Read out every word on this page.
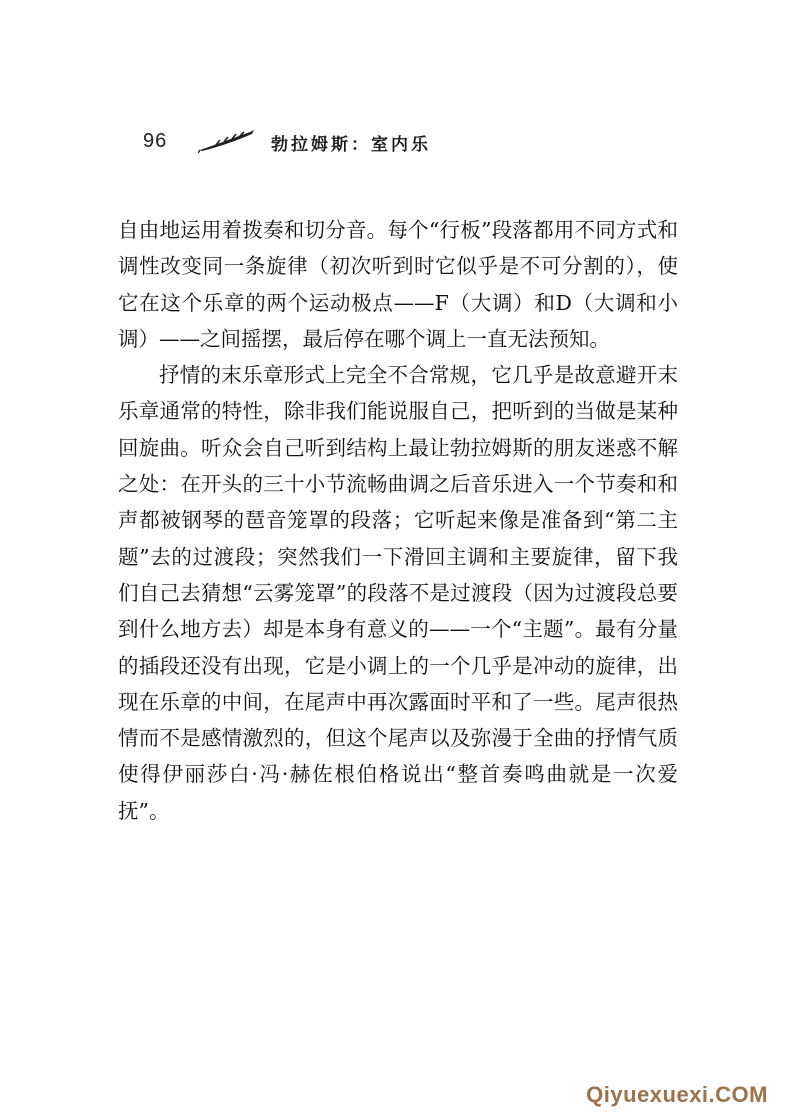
96	勃拉姆斯：室内乐

自由地运用着拨奏和切分音。每个“行板”段落都用不同方式和调性改变同一条旋律（初次听到时它似乎是不可分割的），使它在这个乐章的两个运动极点——F（大调）和D（大调和小调）——之间摇摆，最后停在哪个调上一直无法预知。

抒情的末乐章形式上完全不合常规，它几乎是故意避开末乐章通常的特性，除非我们能说服自己，把听到的当做是某种回旋曲。听众会自己听到结构上最让勃拉姆斯的朋友迷惑不解之处：在开头的三十小节流畅曲调之后音乐进入一个节奏和和声都被钢琴的琶音笼罩的段落；它听起来像是准备到“第二主题”去的过渡段；突然我们一下滑回主调和主要旋律，留下我们自己去猜想“云雾笼罩”的段落不是过渡段（因为过渡段总要到什么地方去）却是本身有意义的——一个“主题”。最有分量的插段还没有出现，它是小调上的一个几乎是冲动的旋律，出现在乐章的中间，在尾声中再次露面时平和了一些。尾声很热情而不是感情激烈的，但这个尾声以及弥漫于全曲的抒情气质使得伊丽莎白·冯·赫佐根伯格说出“整首奏鸣曲就是一次爱抚”。

Qiyuexuexi.COM
